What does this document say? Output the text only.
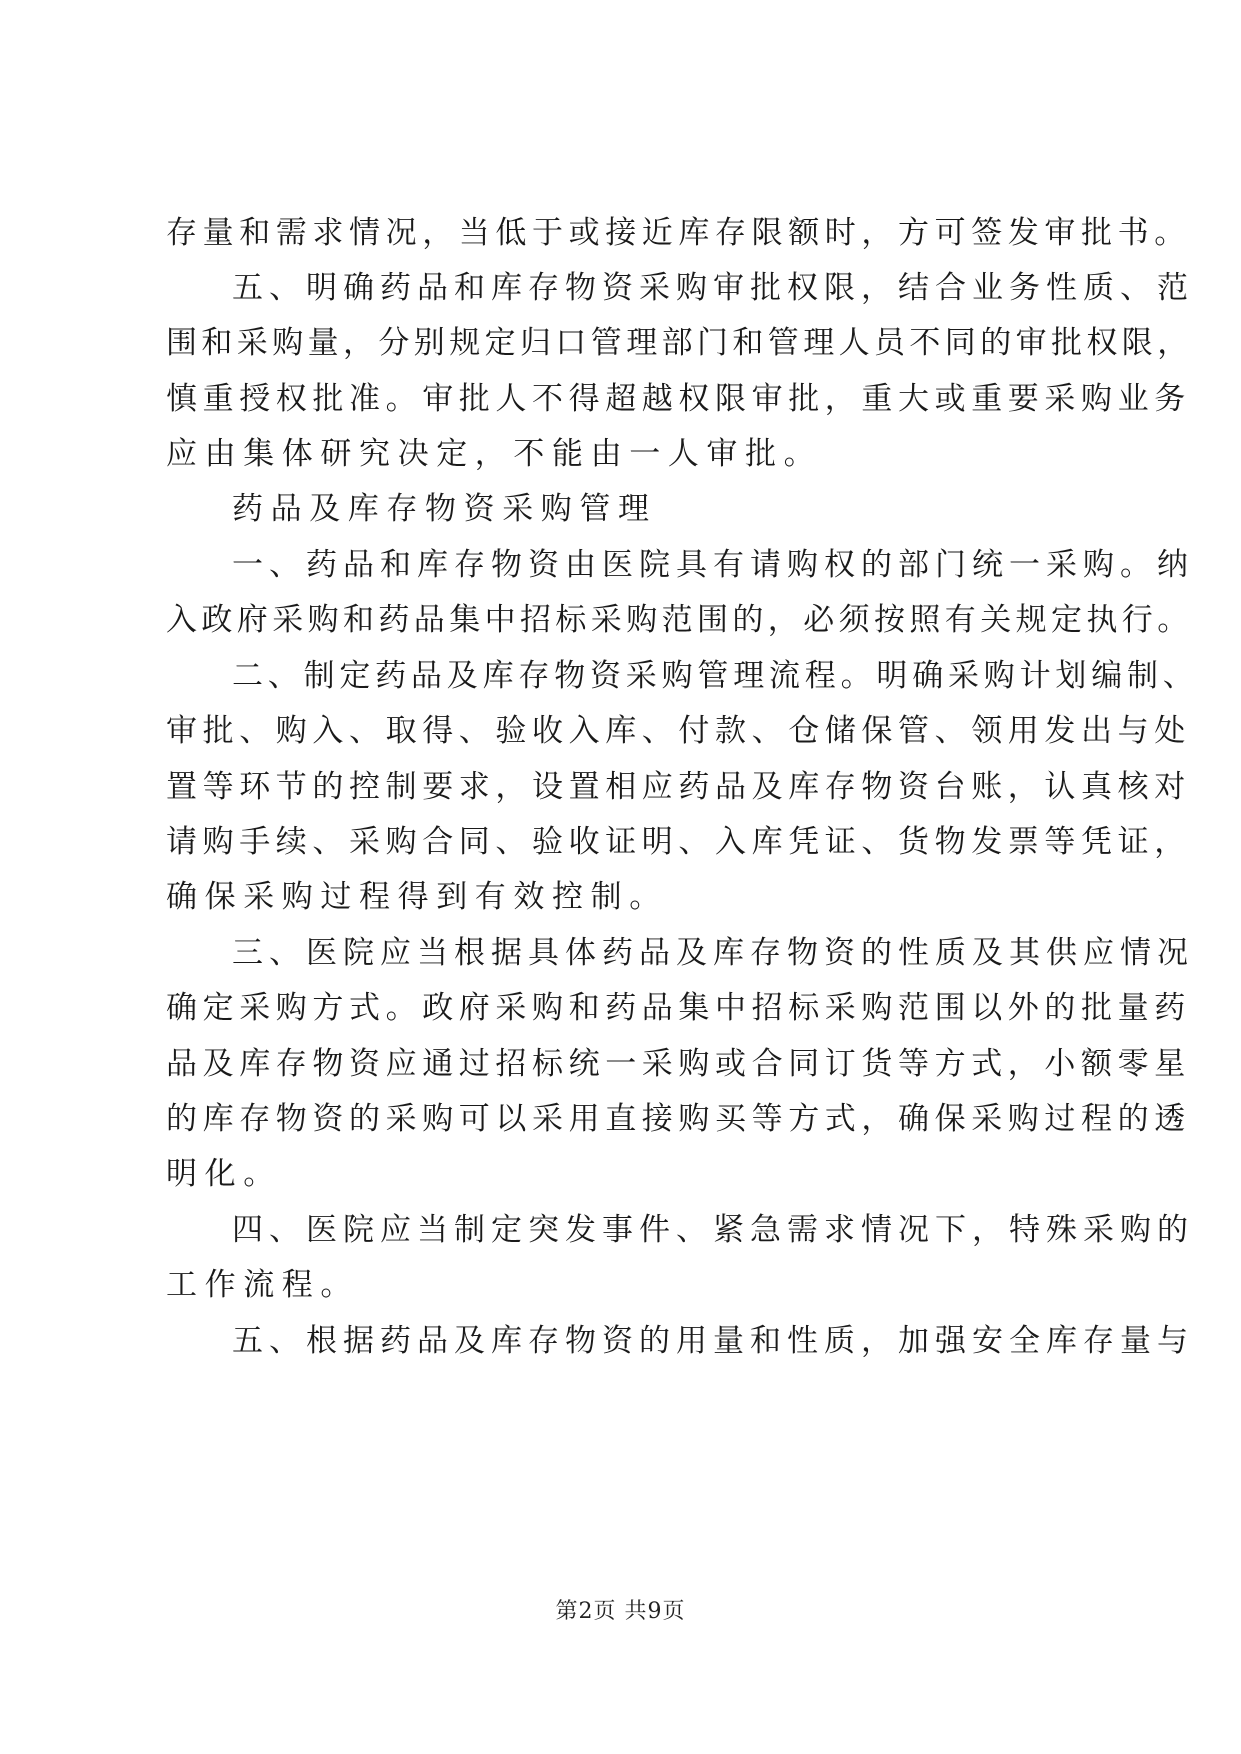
存量和需求情况，当低于或接近库存限额时，方可签发审批书。
五、明确药品和库存物资采购审批权限，结合业务性质、范
围和采购量，分别规定归口管理部门和管理人员不同的审批权限，
慎重授权批准。审批人不得超越权限审批，重大或重要采购业务
应由集体研究决定，不能由一人审批。
药品及库存物资采购管理
一、药品和库存物资由医院具有请购权的部门统一采购。纳
入政府采购和药品集中招标采购范围的，必须按照有关规定执行。
二、制定药品及库存物资采购管理流程。明确采购计划编制、
审批、购入、取得、验收入库、付款、仓储保管、领用发出与处
置等环节的控制要求，设置相应药品及库存物资台账，认真核对
请购手续、采购合同、验收证明、入库凭证、货物发票等凭证，
确保采购过程得到有效控制。
三、医院应当根据具体药品及库存物资的性质及其供应情况
确定采购方式。政府采购和药品集中招标采购范围以外的批量药
品及库存物资应通过招标统一采购或合同订货等方式，小额零星
的库存物资的采购可以采用直接购买等方式，确保采购过程的透
明化。
四、医院应当制定突发事件、紧急需求情况下，特殊采购的
工作流程。
五、根据药品及库存物资的用量和性质，加强安全库存量与
第2页 共9页
